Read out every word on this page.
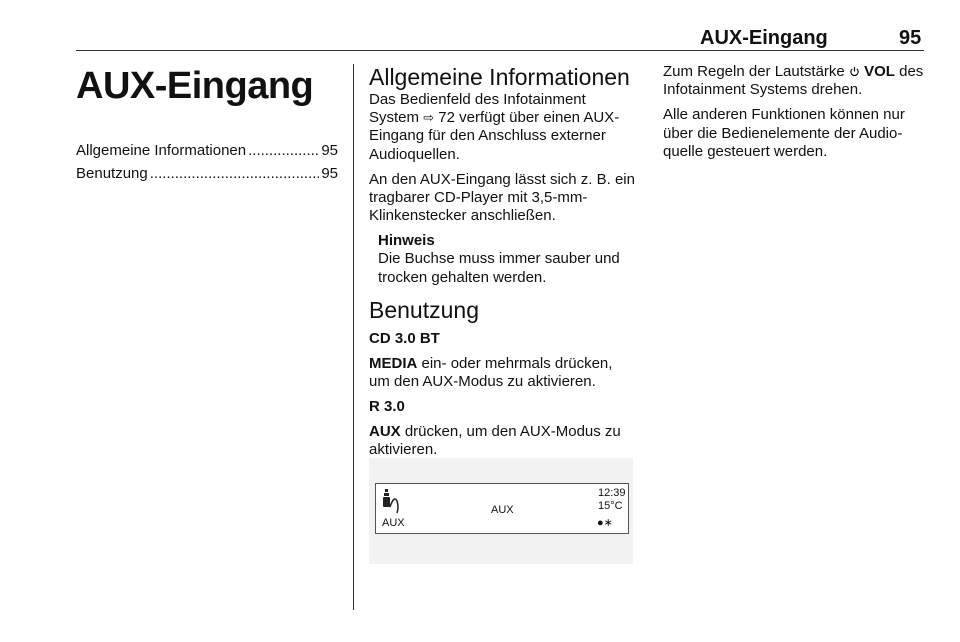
AUX-Eingang	95
AUX-Eingang
Allgemeine Informationen .....	95
Benutzung .....	95
Allgemeine Informationen

Das Bedienfeld des Infotainment System ⇨ 72 verfügt über einen AUX-Eingang für den Anschluss externer Audioquellen.

An den AUX-Eingang lässt sich z. B. ein tragbarer CD-Player mit 3,5-mm-Klinkenstecker anschließen.

Hinweis
Die Buchse muss immer sauber und trocken gehalten werden.
Benutzung
CD 3.0 BT

MEDIA ein- oder mehrmals drücken, um den AUX-Modus zu aktivieren.

R 3.0

AUX drücken, um den AUX-Modus zu aktivieren.

AUX
AUX
12:39
15°C
●∗

Zum Regeln der Lautstärke  VOL des Infotainment Systems drehen.

Alle anderen Funktionen können nur über die Bedienelemente der Audio-quelle gesteuert werden.
